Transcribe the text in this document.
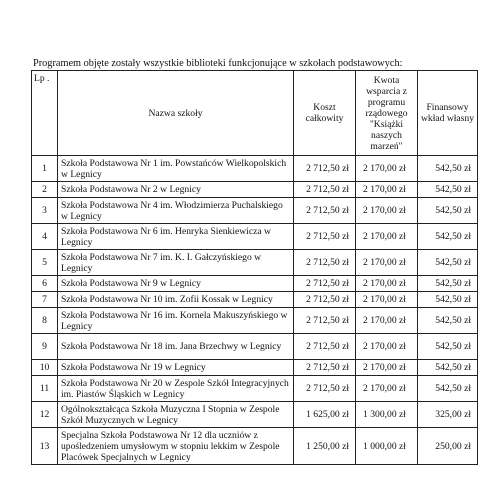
Programem objęte zostały wszystkie biblioteki funkcjonujące w szkołach podstawowych:
Lp .	Nazwa szkoły	Koszt całkowity	Kwota wsparcia z programu rządowego "Książki naszych marzeń"	Finansowy wkład własny
1	Szkoła Podstawowa Nr 1 im. Powstańców Wielkopolskich w Legnicy	2 712,50 zł	2 170,00 zł	542,50 zł
2	Szkoła Podstawowa Nr 2 w Legnicy	2 712,50 zł	2 170,00 zł	542,50 zł
3	Szkoła Podstawowa Nr 4 im. Włodzimierza Puchalskiego w Legnicy	2 712,50 zł	2 170,00 zł	542,50 zł
4	Szkoła Podstawowa Nr 6 im. Henryka Sienkiewicza w Legnicy	2 712,50 zł	2 170,00 zł	542,50 zł
5	Szkoła Podstawowa Nr 7 im. K. I. Gałczyńskiego w Legnicy	2 712,50 zł	2 170,00 zł	542,50 zł
6	Szkoła Podstawowa Nr 9 w Legnicy	2 712,50 zł	2 170,00 zł	542,50 zł
7	Szkoła Podstawowa Nr 10 im. Zofii Kossak w Legnicy	2 712,50 zł	2 170,00 zł	542,50 zł
8	Szkoła Podstawowa Nr 16 im. Kornela Makuszyńskiego w Legnicy	2 712,50 zł	2 170,00 zł	542,50 zł
9	Szkoła Podstawowa Nr 18 im. Jana Brzechwy w Legnicy	2 712,50 zł	2 170,00 zł	542,50 zł
10	Szkoła Podstawowa Nr 19 w Legnicy	2 712,50 zł	2 170,00 zł	542,50 zł
11	Szkoła Podstawowa Nr 20 w Zespole Szkół Integracyjnych im. Piastów Śląskich w Legnicy	2 712,50 zł	2 170,00 zł	542,50 zł
12	Ogólnokształcąca Szkoła Muzyczna I Stopnia w Zespole Szkół Muzycznych w Legnicy	1 625,00 zł	1 300,00 zł	325,00 zł
13	Specjalna Szkoła Podstawowa Nr 12 dla uczniów z upośledzeniem umysłowym w stopniu lekkim w Zespole Placówek Specjalnych w Legnicy	1 250,00 zł	1 000,00 zł	250,00 zł
